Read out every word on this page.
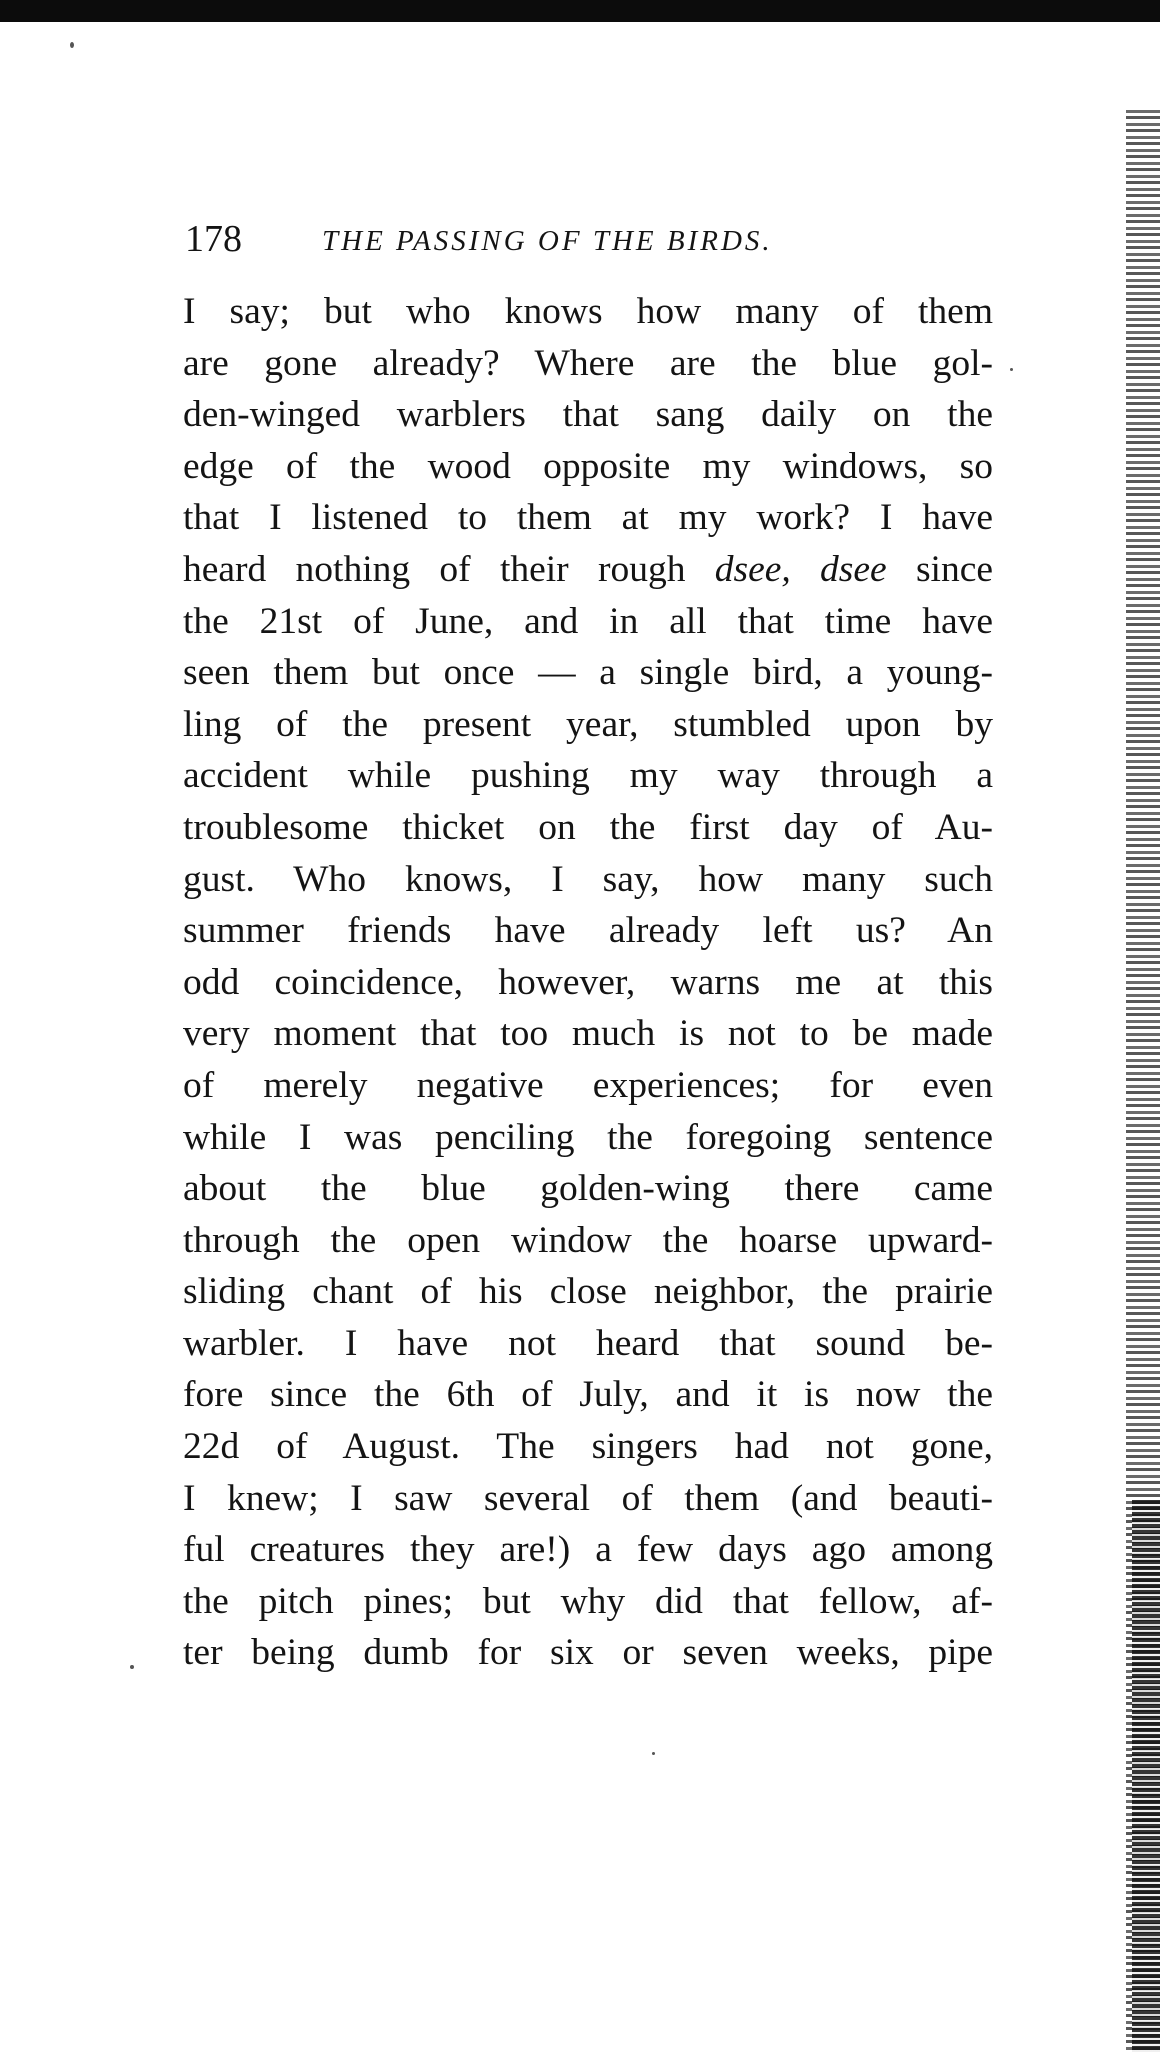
178	THE PASSING OF THE BIRDS.
I say; but who knows how many of them
are gone already? Where are the blue gol-
den-winged warblers that sang daily on the
edge of the wood opposite my windows, so
that I listened to them at my work? I have
heard nothing of their rough dsee, dsee since
the 21st of June, and in all that time have
seen them but once — a single bird, a young-
ling of the present year, stumbled upon by
accident while pushing my way through a
troublesome thicket on the first day of Au-
gust. Who knows, I say, how many such
summer friends have already left us? An
odd coincidence, however, warns me at this
very moment that too much is not to be made
of merely negative experiences; for even
while I was penciling the foregoing sentence
about the blue golden-wing there came
through the open window the hoarse upward-
sliding chant of his close neighbor, the prairie
warbler. I have not heard that sound be-
fore since the 6th of July, and it is now the
22d of August. The singers had not gone,
I knew; I saw several of them (and beauti-
ful creatures they are!) a few days ago among
the pitch pines; but why did that fellow, af-
ter being dumb for six or seven weeks, pipe
